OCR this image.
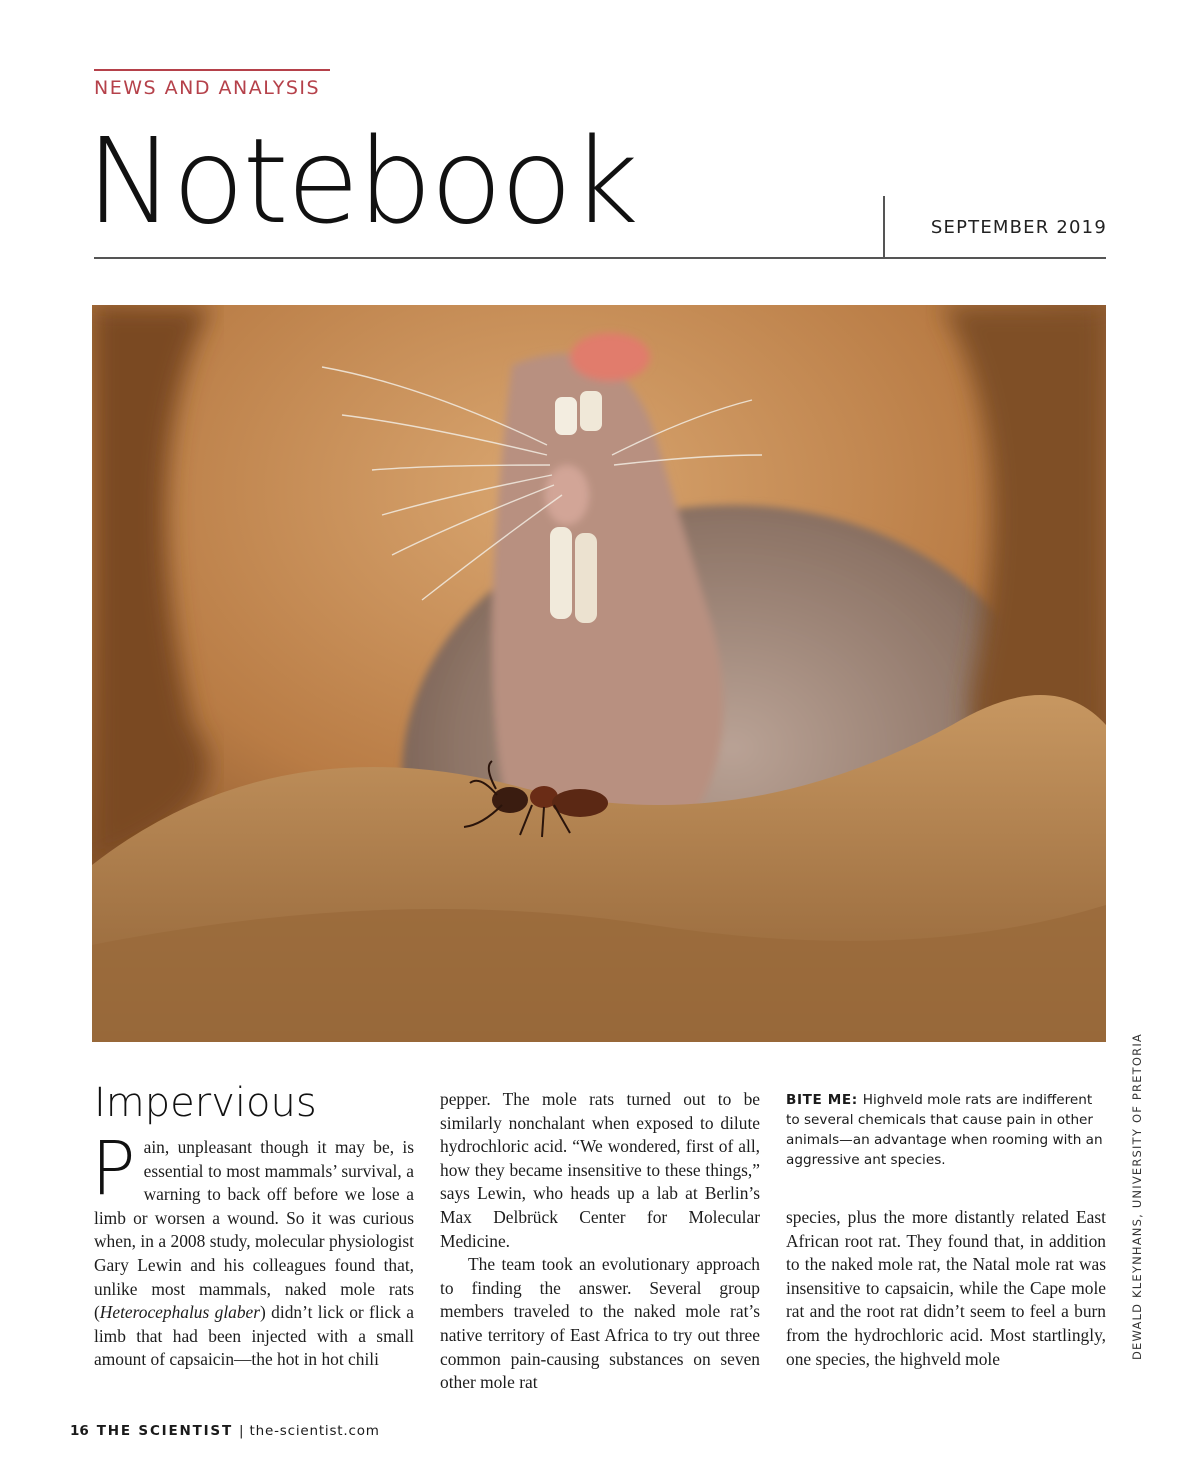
NEWS AND ANALYSIS
Notebook	SEPTEMBER 2019
Impervious

Pain, unpleasant though it may be, is essential to most mammals’ survival, a warning to back off before we lose a limb or worsen a wound. So it was curious when, in a 2008 study, molecular physiologist Gary Lewin and his colleagues found that, unlike most mammals, naked mole rats (Heterocephalus glaber) didn’t lick or flick a limb that had been injected with a small amount of capsaicin—the hot in hot chili

pepper. The mole rats turned out to be similarly nonchalant when exposed to dilute hydrochloric acid. “We wondered, first of all, how they became insensitive to these things,” says Lewin, who heads up a lab at Berlin’s Max Delbrück Center for Molecular Medicine.

The team took an evolutionary approach to finding the answer. Several group members traveled to the naked mole rat’s native territory of East Africa to try out three common pain-causing substances on seven other mole rat

BITE ME: Highveld mole rats are indifferent to several chemicals that cause pain in other animals—an advantage when rooming with an aggressive ant species.

species, plus the more distantly related East African root rat. They found that, in addition to the naked mole rat, the Natal mole rat was insensitive to capsaicin, while the Cape mole rat and the root rat didn’t seem to feel a burn from the hydrochloric acid. Most startlingly, one species, the highveld mole	DEWALD KLEYNHANS, UNIVERSITY OF PRETORIA
16 THE SCIENTIST | the-scientist.com
